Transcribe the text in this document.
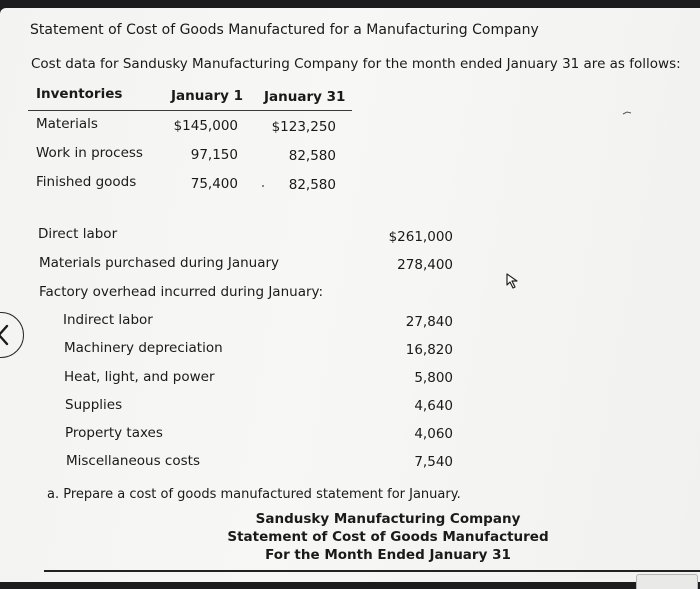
Statement of Cost of Goods Manufactured for a Manufacturing Company
Cost data for Sandusky Manufacturing Company for the month ended January 31 are as follows:
Inventories	January 1 January 31
Materials	$145,000	$123,250
Work in process	97,150	82,580
Finished goods	75,400	82,580
Direct labor	$261,000
Materials purchased during January	278,400
Factory overhead incurred during January:
Indirect labor	27,840
Machinery depreciation	16,820
Heat, light, and power	5,800
Supplies	4,640
Property taxes	4,060
Miscellaneous costs	7,540
a. Prepare a cost of goods manufactured statement for January.
Sandusky Manufacturing Company
Statement of Cost of Goods Manufactured
For the Month Ended January 31
